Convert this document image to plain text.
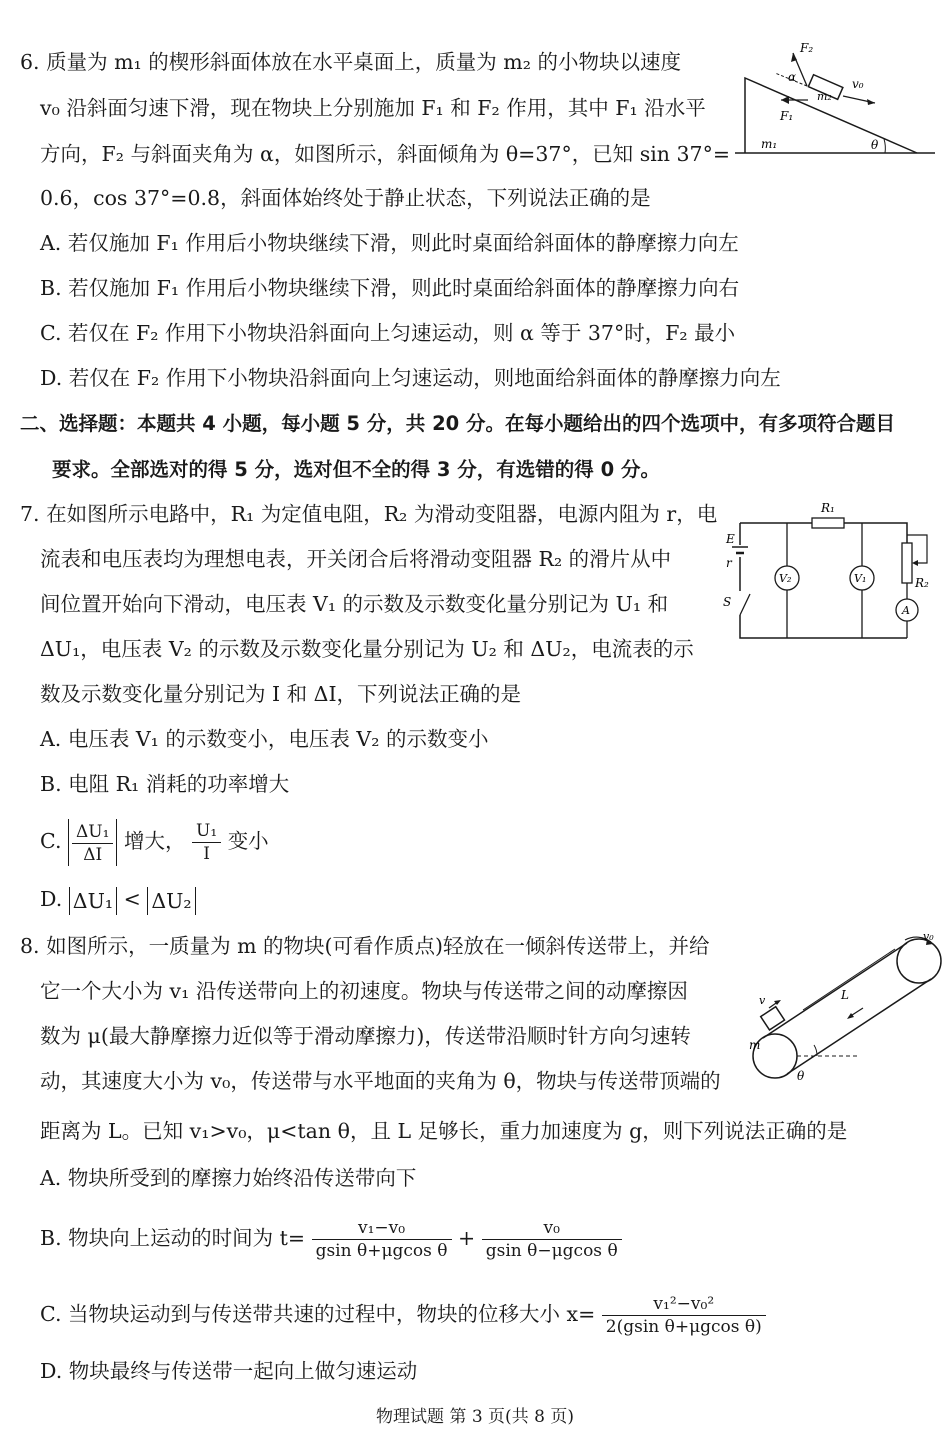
6. 质量为 m₁ 的楔形斜面体放在水平桌面上，质量为 m₂ 的小物块以速度
v₀ 沿斜面匀速下滑，现在物块上分别施加 F₁ 和 F₂ 作用，其中 F₁ 沿水平
方向，F₂ 与斜面夹角为 α，如图所示，斜面倾角为 θ=37°，已知 sin 37°=
0.6，cos 37°=0.8，斜面体始终处于静止状态，下列说法正确的是
A. 若仅施加 F₁ 作用后小物块继续下滑，则此时桌面给斜面体的静摩擦力向左
B. 若仅施加 F₁ 作用后小物块继续下滑，则此时桌面给斜面体的静摩擦力向右
C. 若仅在 F₂ 作用下小物块沿斜面向上匀速运动，则 α 等于 37°时，F₂ 最小
D. 若仅在 F₂ 作用下小物块沿斜面向上匀速运动，则地面给斜面体的静摩擦力向左
F₂
α	v₀
m₂
F₁
m₁	θ
二、选择题：本题共 4 小题，每小题 5 分，共 20 分。在每小题给出的四个选项中，有多项符合题目
要求。全部选对的得 5 分，选对但不全的得 3 分，有选错的得 0 分。
7. 在如图所示电路中，R₁ 为定值电阻，R₂ 为滑动变阻器，电源内阻为 r，电
流表和电压表均为理想电表，开关闭合后将滑动变阻器 R₂ 的滑片从中
间位置开始向下滑动，电压表 V₁ 的示数及示数变化量分别记为 U₁ 和
ΔU₁，电压表 V₂ 的示数及示数变化量分别记为 U₂ 和 ΔU₂，电流表的示
数及示数变化量分别记为 I 和 ΔI，下列说法正确的是
A. 电压表 V₁ 的示数变小，电压表 V₂ 的示数变小
B. 电阻 R₁ 消耗的功率增大
C. $\frac{\text{ΔU₁}}{\Delta I}$ 增大， $\frac{\text{U₁}}{I}$ 变小
D. ΔU₁ < ΔU₂
R₁
E
r
V₂	V₁	R₂
A
S
8. 如图所示，一质量为 m 的物块(可看作质点)轻放在一倾斜传送带上，并给
它一个大小为 v₁ 沿传送带向上的初速度。物块与传送带之间的动摩擦因
数为 μ(最大静摩擦力近似等于滑动摩擦力)，传送带沿顺时针方向匀速转
动，其速度大小为 v₀，传送带与水平地面的夹角为 θ，物块与传送带顶端的
距离为 L。已知 v₁>v₀，μ<tan θ，且 L 足够长，重力加速度为 g，则下列说法正确的是
A. 物块所受到的摩擦力始终沿传送带向下
B. 物块向上运动的时间为 $t= \frac{\text{v₁−v₀}}{\text{gsin θ+μgcos θ}} + \frac{\text{v₀}}{\text{gsin θ−μgcos θ}}$
C. 当物块运动到与传送带共速的过程中，物块的位移大小 $x= \frac{\text{v₁²−v₀²}}{\text{2(gsin θ+μgcos θ)}}$
D. 物块最终与传送带一起向上做匀速运动
v₀
v	L
m
θ
物理试题 第 3 页(共 8 页)
